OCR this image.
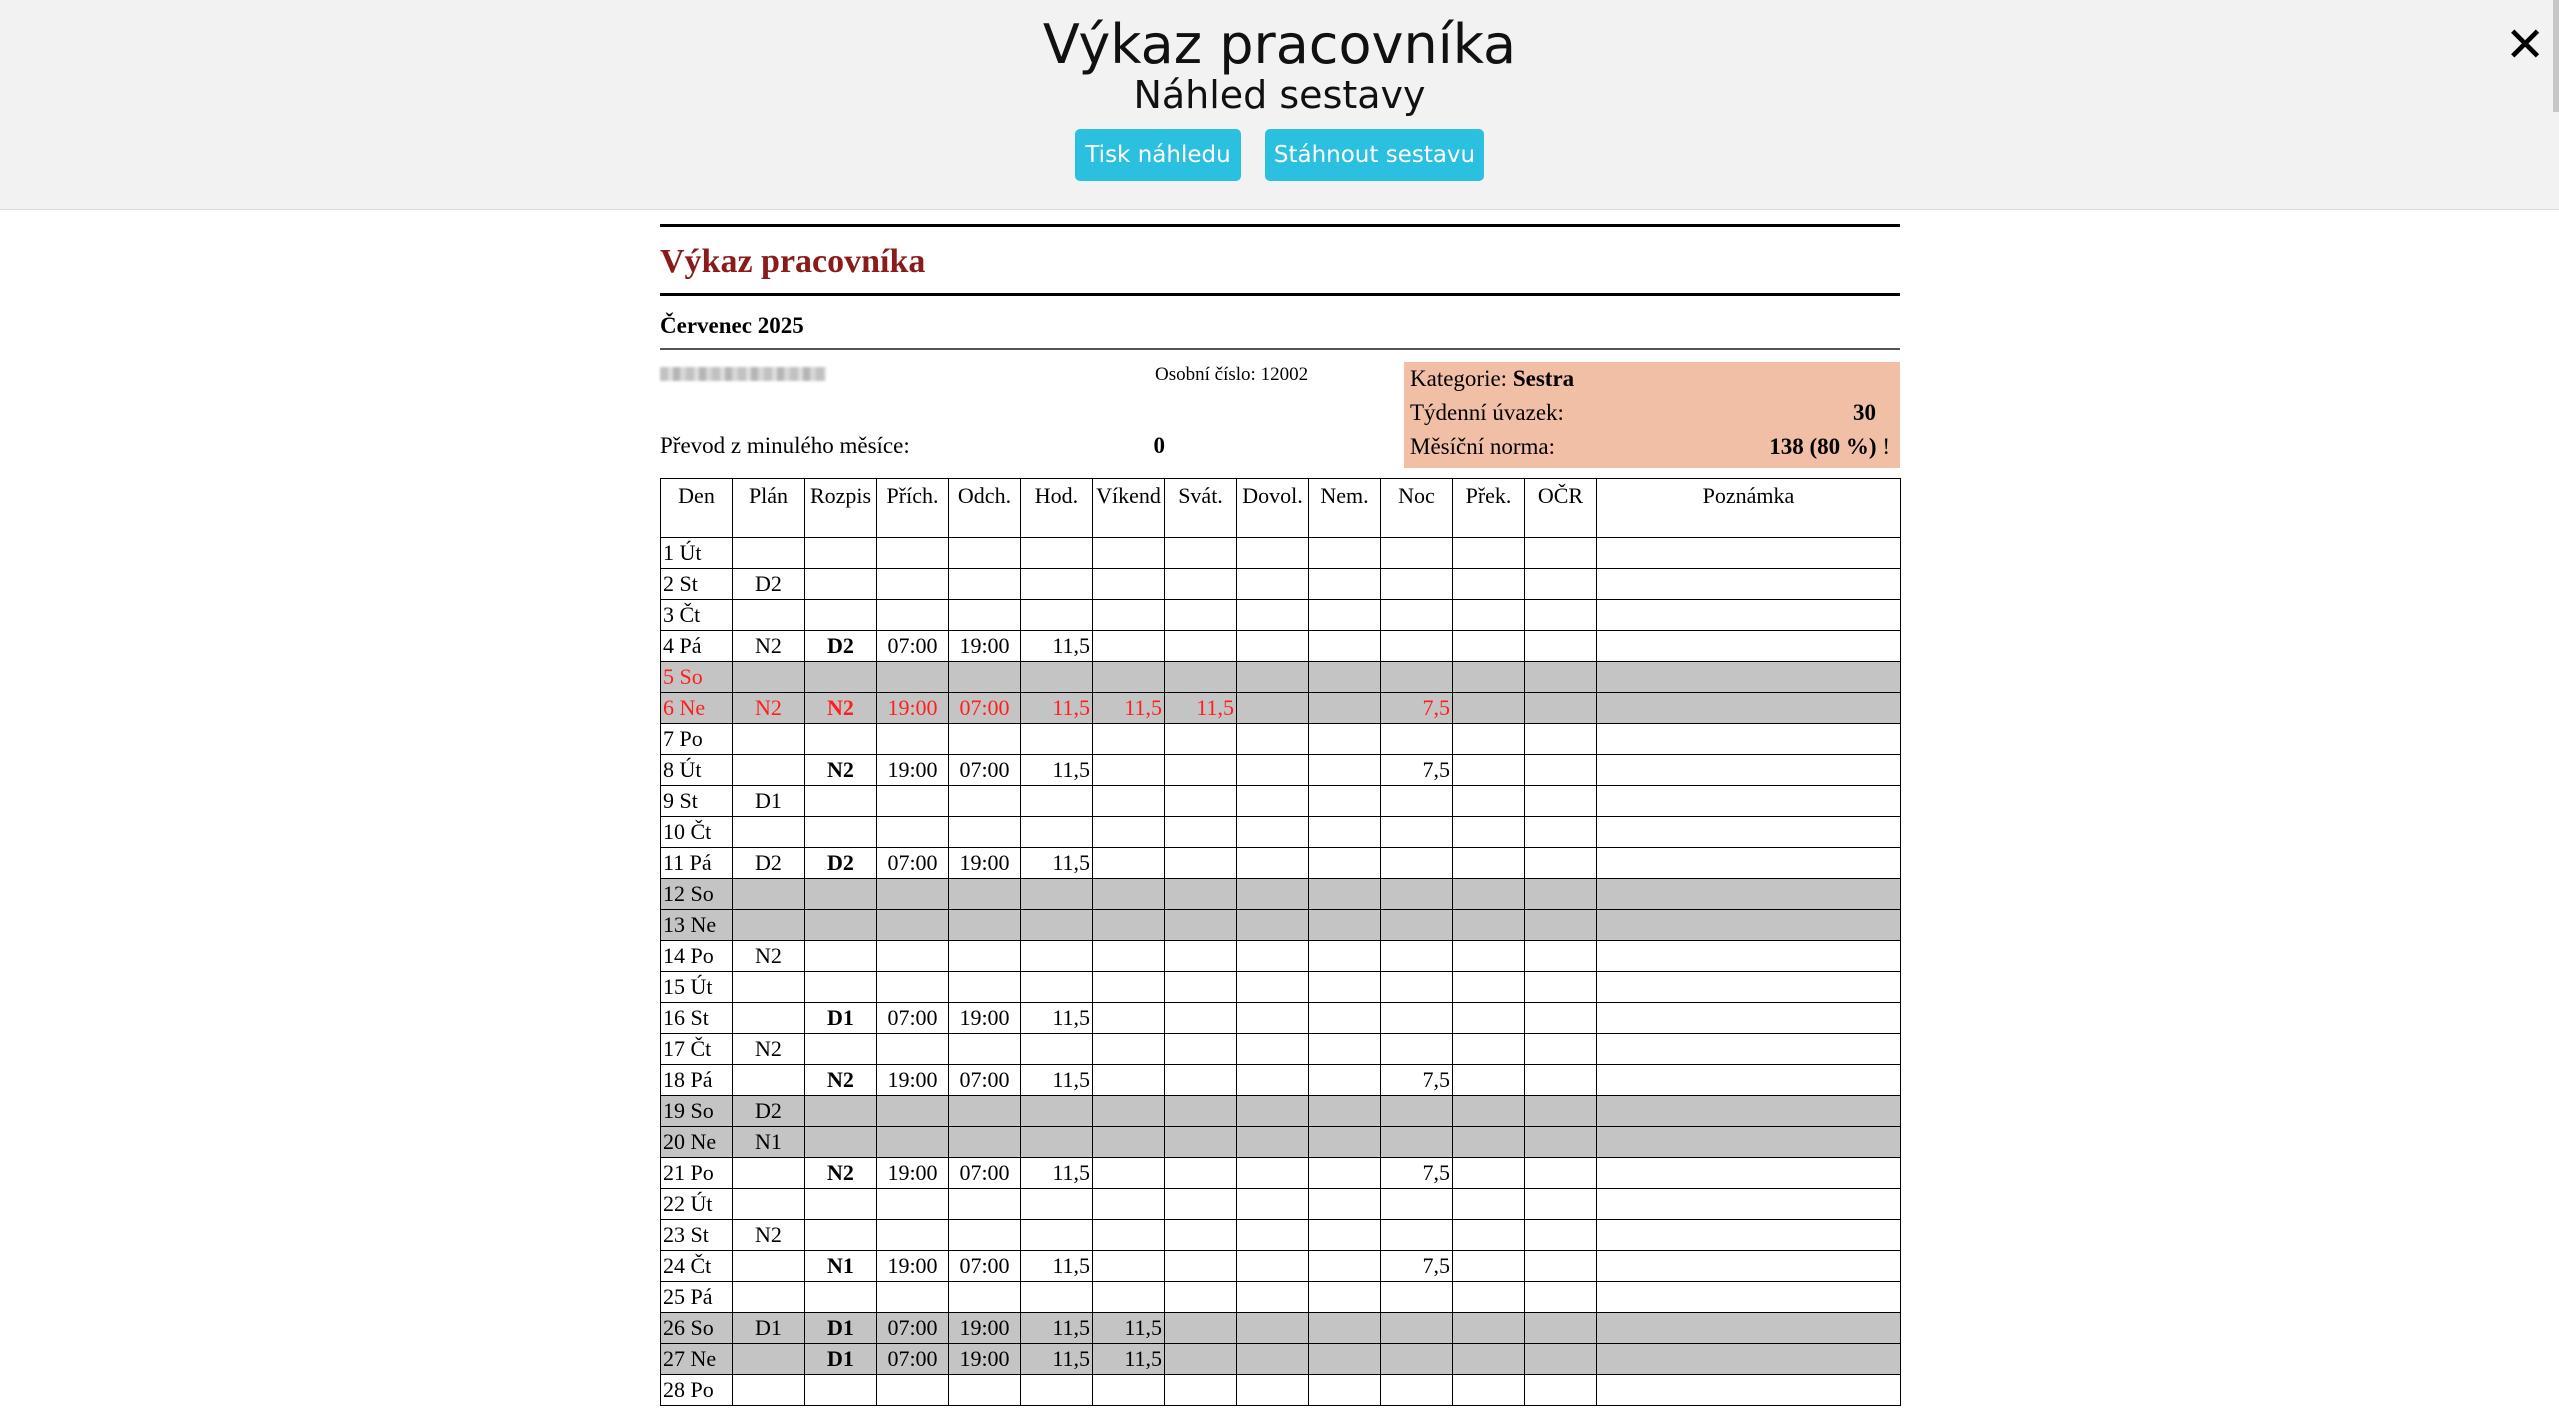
Výkaz pracovníka
Náhled sestavy
Tisk náhledu	Stáhnout sestavu
✕
Výkaz pracovníka
Červenec 2025
Osobní číslo: 12002
Převod z minulého měsíce:	0
Kategorie: Sestra
Týdenní úvazek:	30
Měsíční norma:	138 (80 %) !
Den	Plán	Rozpis	Přích.	Odch.	Hod.	Víkend	Svát.	Dovol.	Nem.	Noc	Přek.	OČR	Poznámka
1 Út													
2 St	D2												
3 Čt													
4 Pá	N2	D2	07:00	19:00	11,5								
5 So													
6 Ne	N2	N2	19:00	07:00	11,5	11,5	11,5			7,5			
7 Po													
8 Út		N2	19:00	07:00	11,5					7,5			
9 St	D1												
10 Čt													
11 Pá	D2	D2	07:00	19:00	11,5								
12 So													
13 Ne													
14 Po	N2												
15 Út													
16 St		D1	07:00	19:00	11,5								
17 Čt	N2												
18 Pá		N2	19:00	07:00	11,5					7,5			
19 So	D2												
20 Ne	N1												
21 Po		N2	19:00	07:00	11,5					7,5			
22 Út													
23 St	N2												
24 Čt		N1	19:00	07:00	11,5					7,5			
25 Pá													
26 So	D1	D1	07:00	19:00	11,5	11,5							
27 Ne		D1	07:00	19:00	11,5	11,5							
28 Po													
